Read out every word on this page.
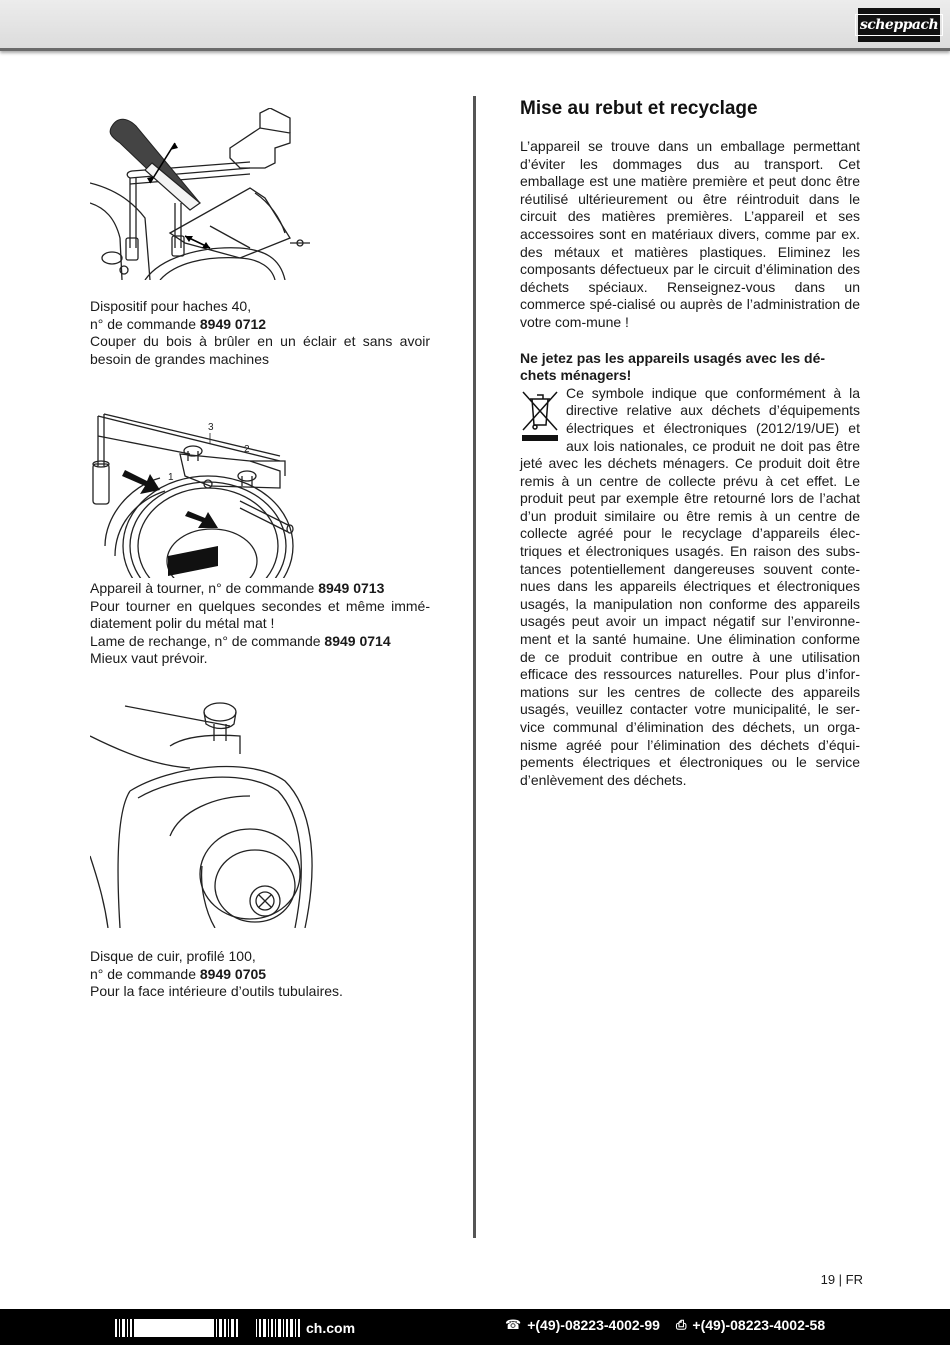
scheppach

Dispositif pour haches 40,

n° de commande 8949 0712

Couper du bois à brûler en un éclair et sans avoir besoin de grandes machines

3
2
1

Appareil à tourner, n° de commande 8949 0713

Pour tourner en quelques secondes et même immé-diatement polir du métal mat !

Lame de rechange, n° de commande 8949 0714

Mieux vaut prévoir.

Disque de cuir, profilé 100,

n° de commande 8949 0705

Pour la face intérieure d’outils tubulaires.

Mise au rebut et recyclage

L’appareil se trouve dans un emballage permettant d’éviter les dommages dus au transport. Cet emballage est une matière première et peut donc être réutilisé ultérieurement ou être réintroduit dans le circuit des matières premières. L’appareil et ses accessoires sont en matériaux divers, comme par ex. des métaux et matières plastiques. Eliminez les composants défectueux par le circuit d’élimination des déchets spéciaux. Renseignez-vous dans un commerce spé-cialisé ou auprès de l’administration de votre com-mune !

Ne jetez pas les appareils usagés avec les dé-chets ménagers!

Ce symbole indique que conformément à la directive relative aux déchets d’équipements électriques et électroniques (2012/19/UE) et aux lois nationales, ce produit ne doit pas être jeté avec les déchets ménagers. Ce produit doit être remis à un centre de collecte prévu à cet effet. Le produit peut par exemple être retourné lors de l’achat d’un produit similaire ou être remis à un centre de collecte agréé pour le recyclage d’appareils élec-triques et électroniques usagés. En raison des subs-tances potentiellement dangereuses souvent conte-nues dans les appareils électriques et électroniques usagés, la manipulation non conforme des appareils usagés peut avoir un impact négatif sur l’environne-ment et la santé humaine. Une élimination conforme de ce produit contribue en outre à une utilisation efficace des ressources naturelles. Pour plus d’infor-mations sur les centres de collecte des appareils usagés, veuillez contacter votre municipalité, le ser-vice communal d’élimination des déchets, un orga-nisme agréé pour l’élimination des déchets d’équi-pements électriques et électroniques ou le service d’enlèvement des déchets.

19 | FR
ch.com	☎ +(49)-08223-4002-99 ⎙ +(49)-08223-4002-58
